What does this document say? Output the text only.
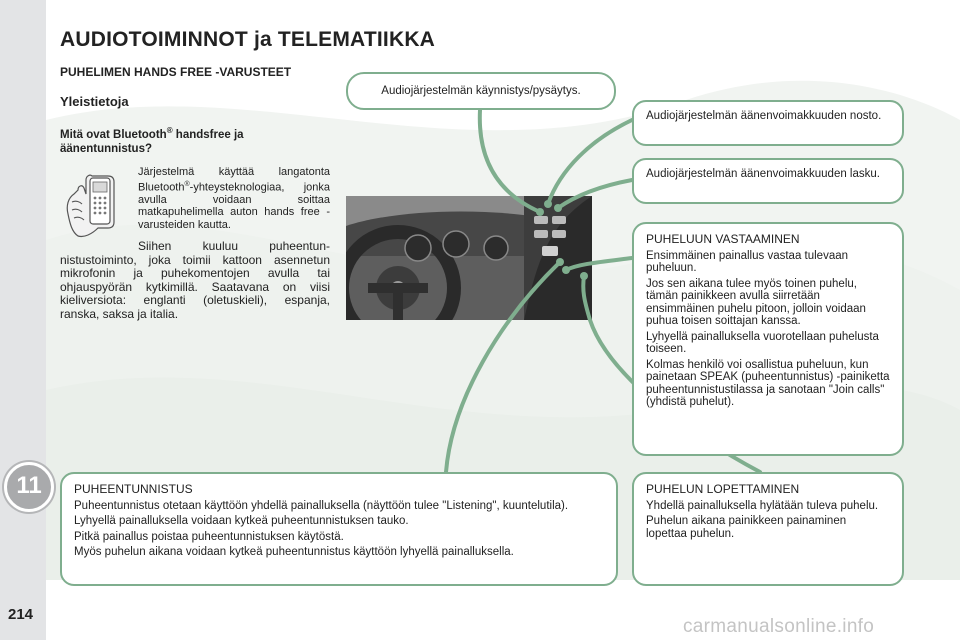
AUDIOTOIMINNOT ja TELEMATIIKKA
PUHELIMEN HANDS FREE -VARUSTEET
Yleistietoja
Mitä ovat Bluetooth® handsfree ja äänentunnistus?
Järjestelmä käyttää langatonta Bluetooth®-yhteysteknologiaa, jonka avulla voidaan soittaa matkapuhelimella auton hands free -varusteiden kautta.
Siihen kuuluu puheentunnistustoiminto, joka toimii kattoon asennetun mikrofonin ja puhekomentojen avulla tai ohjauspyörän kytkimillä. Saatavana on viisi kieliversiota: englanti (oletuskieli), espanja, ranska, saksa ja italia.
Audiojärjestelmän käynnistys/pysäytys.
Audiojärjestelmän äänenvoimakkuuden nosto.
Audiojärjestelmän äänenvoimakkuuden lasku.

PUHELUUN VASTAAMINEN

Ensimmäinen painallus vastaa tulevaan puheluun.

Jos sen aikana tulee myös toinen puhelu, tämän painikkeen avulla siirretään ensimmäinen puhelu pitoon, jolloin voidaan puhua toisen soittajan kanssa.

Lyhyellä painalluksella vuorotellaan puhelusta toiseen.

Kolmas henkilö voi osallistua puheluun, kun painetaan SPEAK (puheentunnistus) -painiketta puheentunnistustilassa ja sanotaan "Join calls" (yhdistä puhelut).

PUHEENTUNNISTUS

Puheentunnistus otetaan käyttöön yhdellä painalluksella (näyttöön tulee "Listening", kuuntelutila).

Lyhyellä painalluksella voidaan kytkeä puheentunnistuksen tauko.

Pitkä painallus poistaa puheentunnistuksen käytöstä.

Myös puhelun aikana voidaan kytkeä puheentunnistus käyttöön lyhyellä painalluksella.

PUHELUN LOPETTAMINEN

Yhdellä painalluksella hylätään tuleva puhelu.

Puhelun aikana painikkeen painaminen lopettaa puhelun.

11
214
carmanualsonline.info
